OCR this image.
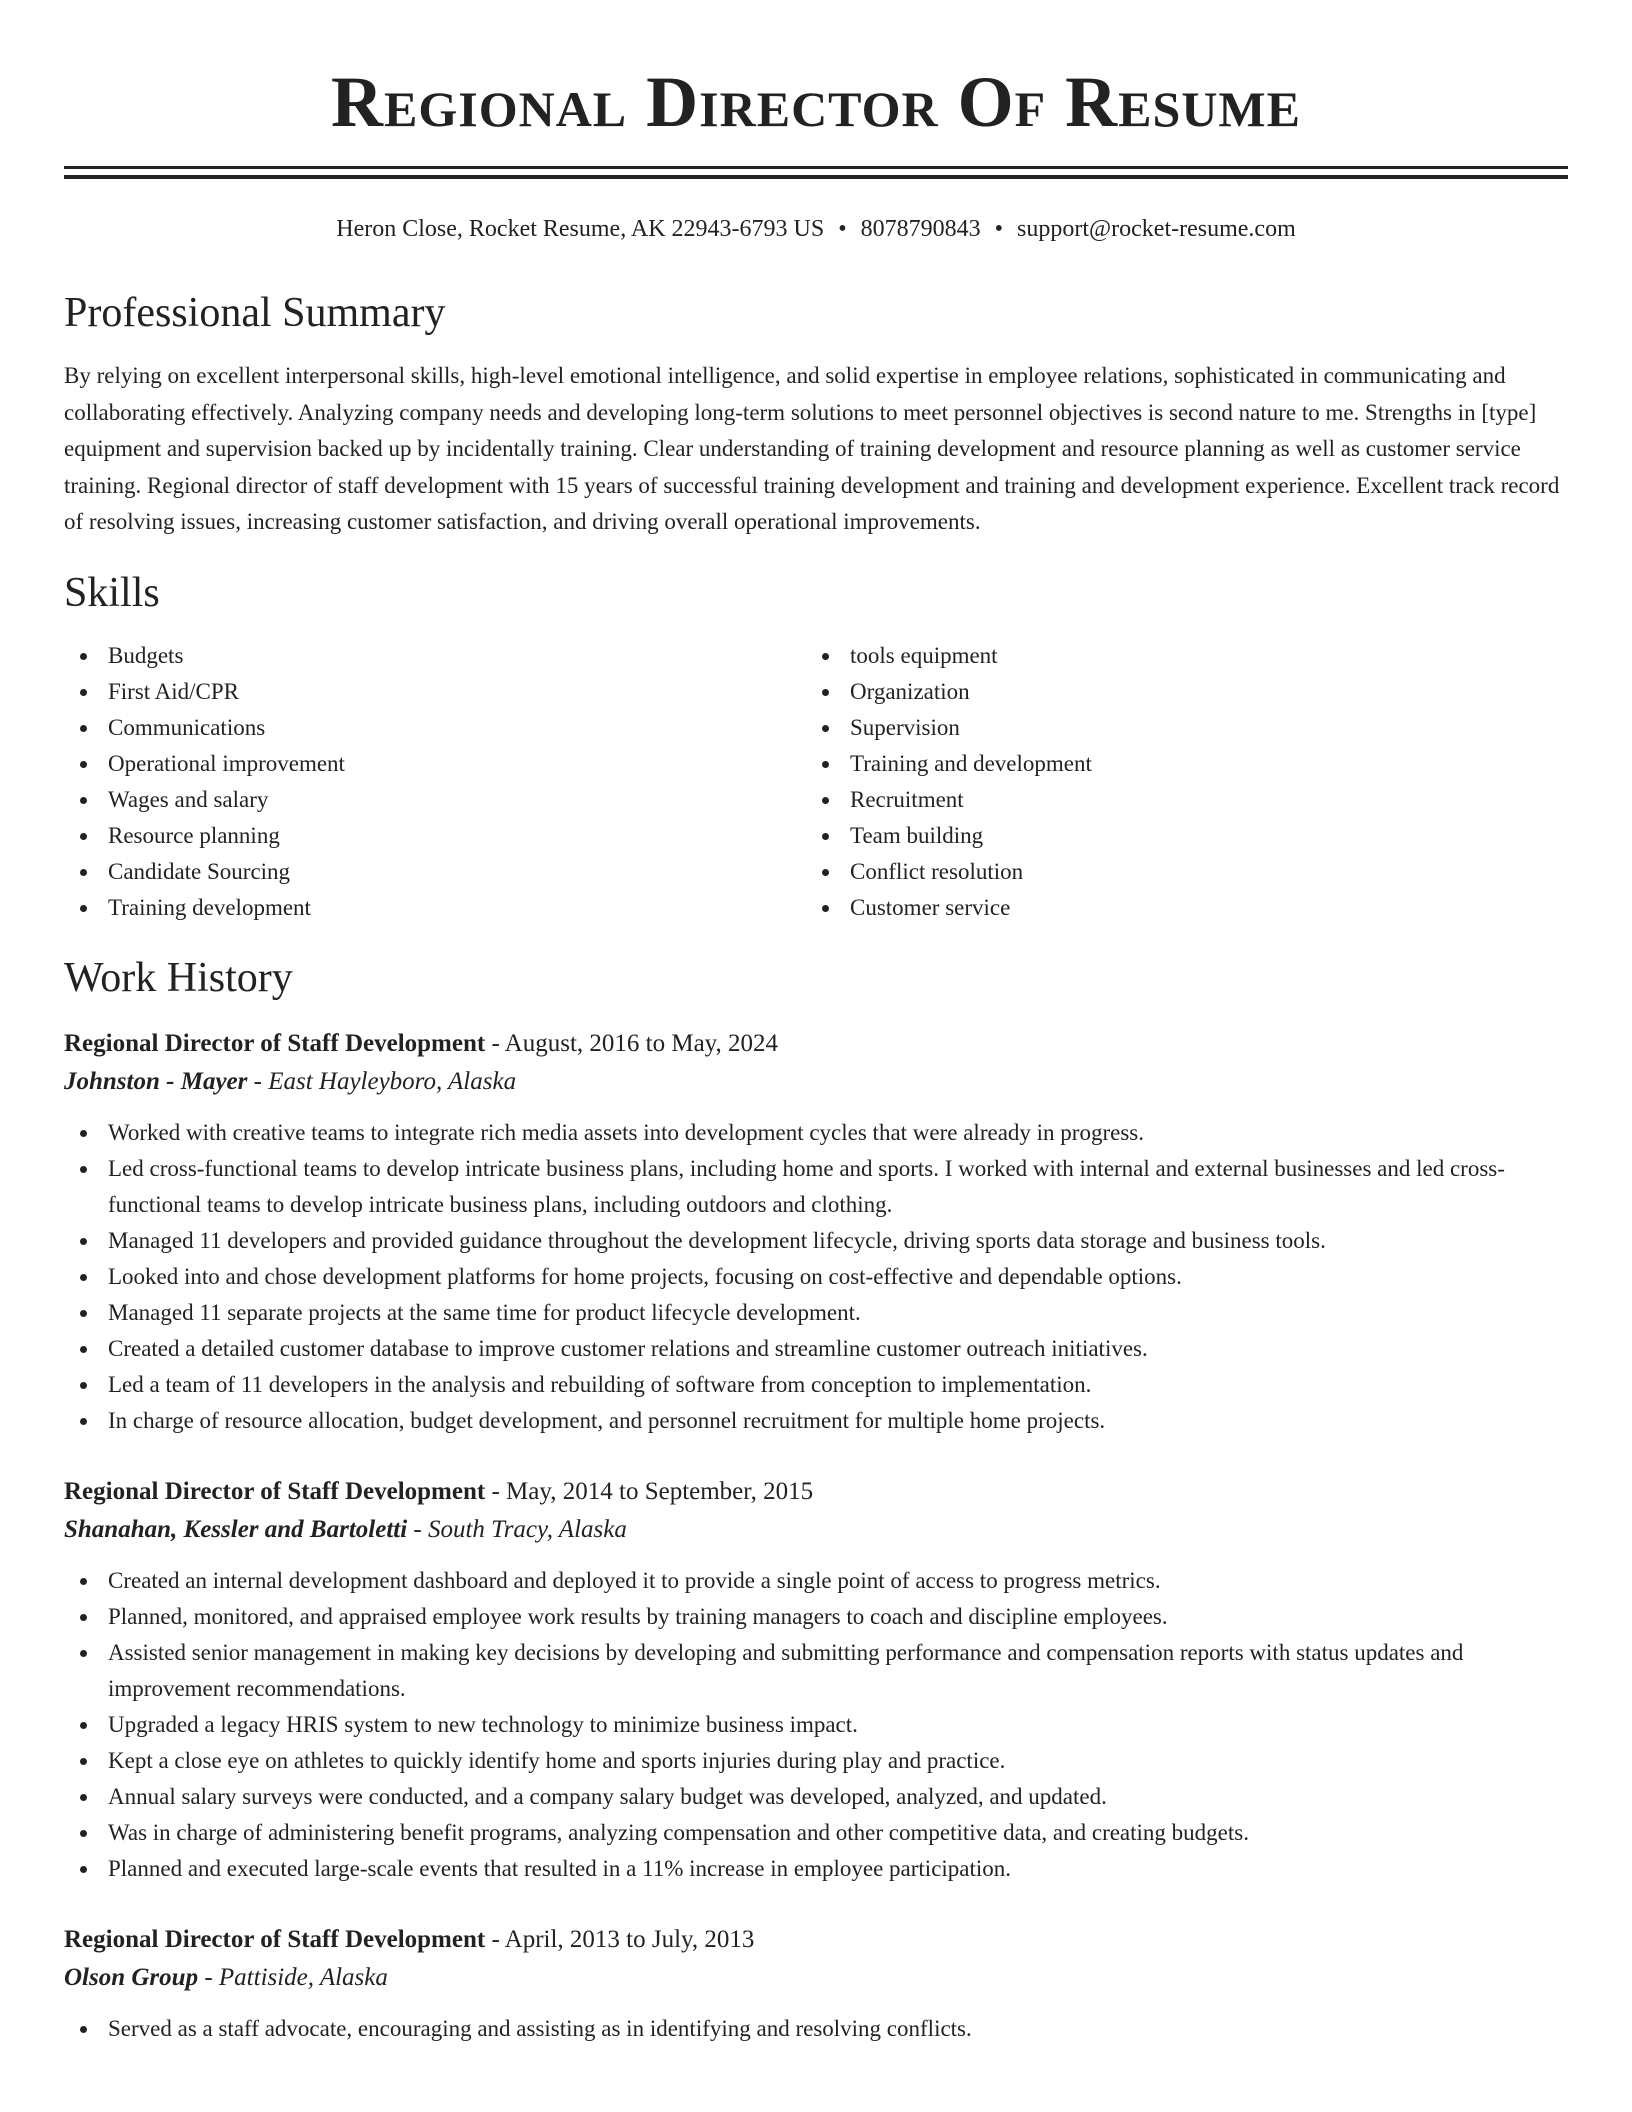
Regional Director Of Resume
Heron Close, Rocket Resume, AK 22943-6793 US • 8078790843 • support@rocket-resume.com
Professional Summary
By relying on excellent interpersonal skills, high-level emotional intelligence, and solid expertise in employee relations, sophisticated in communicating and collaborating effectively. Analyzing company needs and developing long-term solutions to meet personnel objectives is second nature to me. Strengths in [type] equipment and supervision backed up by incidentally training. Clear understanding of training development and resource planning as well as customer service training. Regional director of staff development with 15 years of successful training development and training and development experience. Excellent track record of resolving issues, increasing customer satisfaction, and driving overall operational improvements.
Skills
Budgets
First Aid/CPR
Communications
Operational improvement
Wages and salary
Resource planning
Candidate Sourcing
Training development
tools equipment
Organization
Supervision
Training and development
Recruitment
Team building
Conflict resolution
Customer service
Work History
Regional Director of Staff Development - August, 2016 to May, 2024
Johnston - Mayer - East Hayleyboro, Alaska
Worked with creative teams to integrate rich media assets into development cycles that were already in progress.
Led cross-functional teams to develop intricate business plans, including home and sports. I worked with internal and external businesses and led cross-functional teams to develop intricate business plans, including outdoors and clothing.
Managed 11 developers and provided guidance throughout the development lifecycle, driving sports data storage and business tools.
Looked into and chose development platforms for home projects, focusing on cost-effective and dependable options.
Managed 11 separate projects at the same time for product lifecycle development.
Created a detailed customer database to improve customer relations and streamline customer outreach initiatives.
Led a team of 11 developers in the analysis and rebuilding of software from conception to implementation.
In charge of resource allocation, budget development, and personnel recruitment for multiple home projects.
Regional Director of Staff Development - May, 2014 to September, 2015
Shanahan, Kessler and Bartoletti - South Tracy, Alaska
Created an internal development dashboard and deployed it to provide a single point of access to progress metrics.
Planned, monitored, and appraised employee work results by training managers to coach and discipline employees.
Assisted senior management in making key decisions by developing and submitting performance and compensation reports with status updates and improvement recommendations.
Upgraded a legacy HRIS system to new technology to minimize business impact.
Kept a close eye on athletes to quickly identify home and sports injuries during play and practice.
Annual salary surveys were conducted, and a company salary budget was developed, analyzed, and updated.
Was in charge of administering benefit programs, analyzing compensation and other competitive data, and creating budgets.
Planned and executed large-scale events that resulted in a 11% increase in employee participation.
Regional Director of Staff Development - April, 2013 to July, 2013
Olson Group - Pattiside, Alaska
Served as a staff advocate, encouraging and assisting as in identifying and resolving conflicts.
